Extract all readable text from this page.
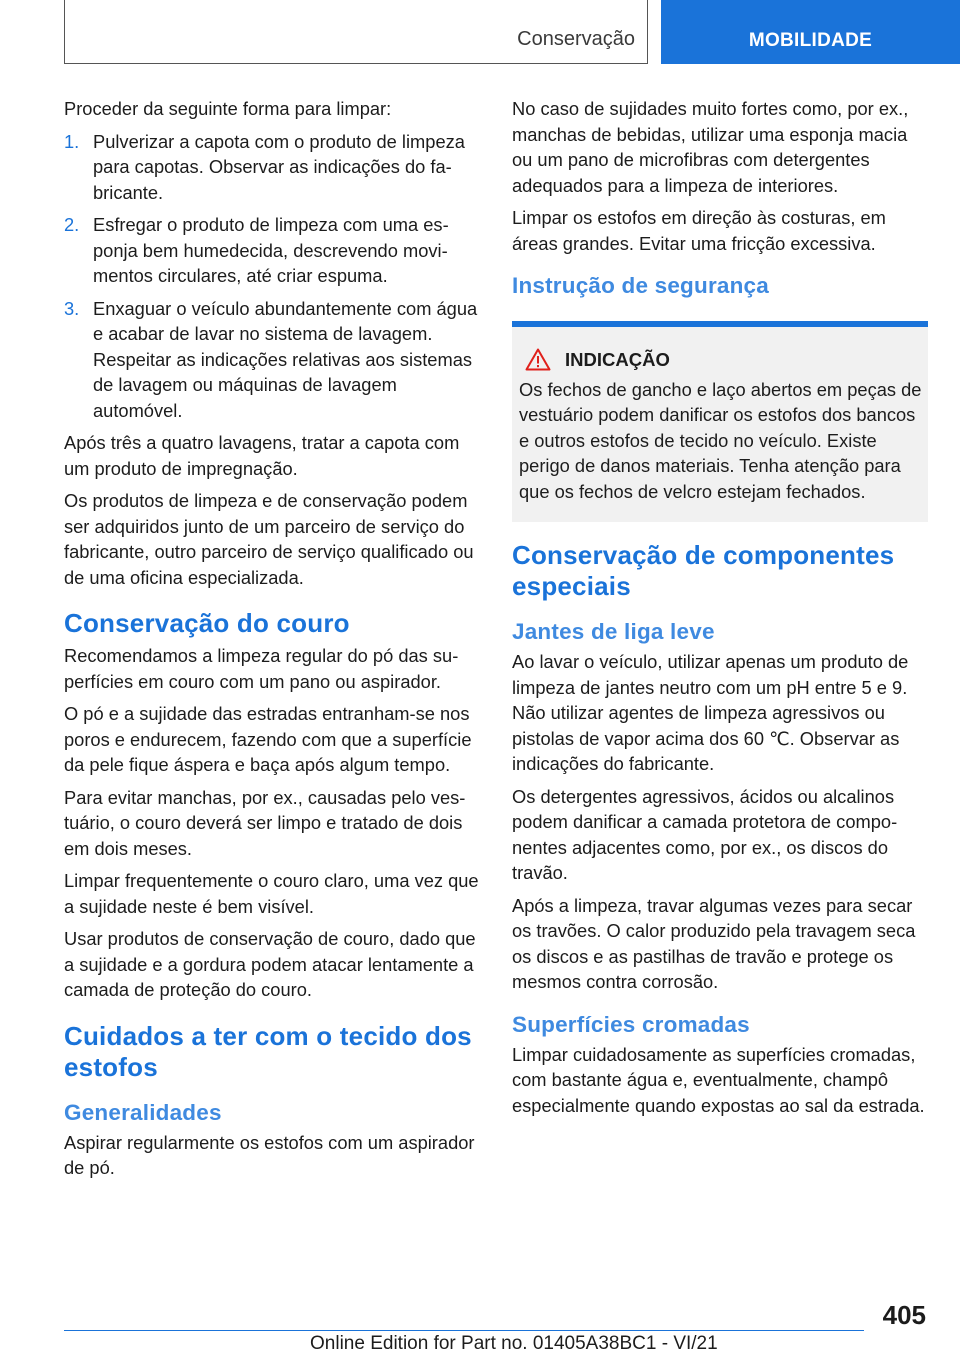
Conservação	MOBILIDADE

Proceder da seguinte forma para limpar:

1. Pulverizar a capota com o produto de limpeza para capotas. Observar as indicações do fabricante.
2. Esfregar o produto de limpeza com uma esponja bem humedecida, descrevendo movimentos circulares, até criar espuma.
3. Enxaguar o veículo abundantemente com água e acabar de lavar no sistema de lavagem. Respeitar as indicações relativas aos sistemas de lavagem ou máquinas de lavagem automóvel.

Após três a quatro lavagens, tratar a capota com um produto de impregnação.

Os produtos de limpeza e de conservação podem ser adquiridos junto de um parceiro de serviço do fabricante, outro parceiro de serviço qualificado ou de uma oficina especializada.

Conservação do couro

Recomendamos a limpeza regular do pó das superfícies em couro com um pano ou aspirador.

O pó e a sujidade das estradas entranham-se nos poros e endurecem, fazendo com que a superfície da pele fique áspera e baça após algum tempo.

Para evitar manchas, por ex., causadas pelo vestuário, o couro deverá ser limpo e tratado de dois em dois meses.

Limpar frequentemente o couro claro, uma vez que a sujidade neste é bem visível.

Usar produtos de conservação de couro, dado que a sujidade e a gordura podem atacar lentamente a camada de proteção do couro.

Cuidados a ter com o tecido dos estofos
Generalidades

Aspirar regularmente os estofos com um aspirador de pó.

No caso de sujidades muito fortes como, por ex., manchas de bebidas, utilizar uma esponja macia ou um pano de microfibras com detergentes adequados para a limpeza de interiores.

Limpar os estofos em direção às costuras, em áreas grandes. Evitar uma fricção excessiva.

Instrução de segurança
INDICAÇÃO

Os fechos de gancho e laço abertos em peças de vestuário podem danificar os estofos dos bancos e outros estofos de tecido no veículo. Existe perigo de danos materiais. Tenha atenção para que os fechos de velcro estejam fechados.

Conservação de componentes especiais
Jantes de liga leve

Ao lavar o veículo, utilizar apenas um produto de limpeza de jantes neutro com um pH entre 5 e 9. Não utilizar agentes de limpeza agressivos ou pistolas de vapor acima dos 60 ℃. Observar as indicações do fabricante.

Os detergentes agressivos, ácidos ou alcalinos podem danificar a camada protetora de componentes adjacentes como, por ex., os discos do travão.

Após a limpeza, travar algumas vezes para secar os travões. O calor produzido pela travagem seca os discos e as pastilhas de travão e protege os mesmos contra corrosão.

Superfícies cromadas

Limpar cuidadosamente as superfícies cromadas, com bastante água e, eventualmente, champô especialmente quando expostas ao sal da estrada.

405
Online Edition for Part no. 01405A38BC1 - VI/21
